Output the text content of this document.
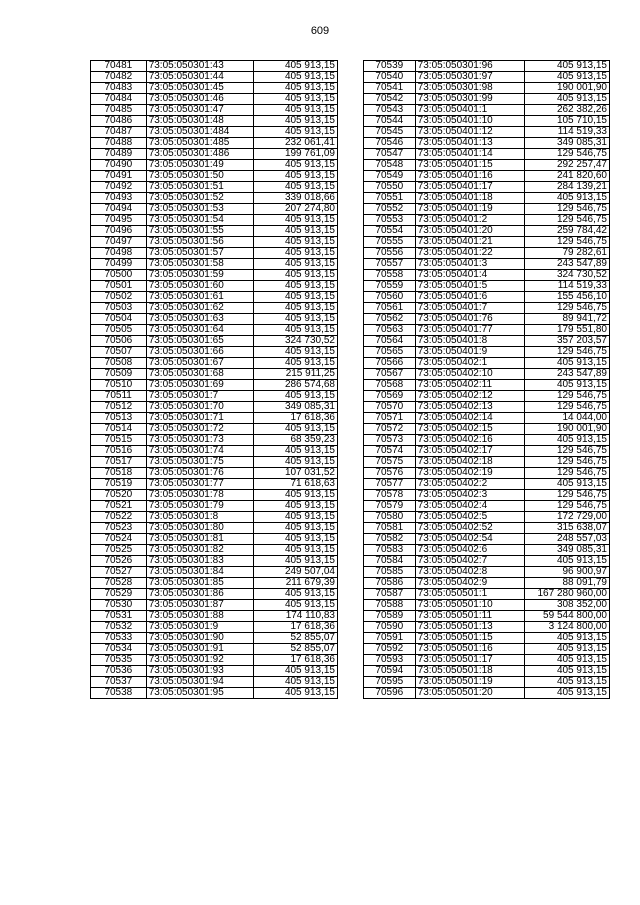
609
70481	73:05:050301:43	405 913,15
70482	73:05:050301:44	405 913,15
70483	73:05:050301:45	405 913,15
70484	73:05:050301:46	405 913,15
70485	73:05:050301:47	405 913,15
70486	73:05:050301:48	405 913,15
70487	73:05:050301:484	405 913,15
70488	73:05:050301:485	232 061,41
70489	73:05:050301:486	199 761,09
70490	73:05:050301:49	405 913,15
70491	73:05:050301:50	405 913,15
70492	73:05:050301:51	405 913,15
70493	73:05:050301:52	339 018,66
70494	73:05:050301:53	207 274,80
70495	73:05:050301:54	405 913,15
70496	73:05:050301:55	405 913,15
70497	73:05:050301:56	405 913,15
70498	73:05:050301:57	405 913,15
70499	73:05:050301:58	405 913,15
70500	73:05:050301:59	405 913,15
70501	73:05:050301:60	405 913,15
70502	73:05:050301:61	405 913,15
70503	73:05:050301:62	405 913,15
70504	73:05:050301:63	405 913,15
70505	73:05:050301:64	405 913,15
70506	73:05:050301:65	324 730,52
70507	73:05:050301:66	405 913,15
70508	73:05:050301:67	405 913,15
70509	73:05:050301:68	215 911,25
70510	73:05:050301:69	286 574,68
70511	73:05:050301:7	405 913,15
70512	73:05:050301:70	349 085,31
70513	73:05:050301:71	17 618,36
70514	73:05:050301:72	405 913,15
70515	73:05:050301:73	68 359,23
70516	73:05:050301:74	405 913,15
70517	73:05:050301:75	405 913,15
70518	73:05:050301:76	107 031,52
70519	73:05:050301:77	71 618,63
70520	73:05:050301:78	405 913,15
70521	73:05:050301:79	405 913,15
70522	73:05:050301:8	405 913,15
70523	73:05:050301:80	405 913,15
70524	73:05:050301:81	405 913,15
70525	73:05:050301:82	405 913,15
70526	73:05:050301:83	405 913,15
70527	73:05:050301:84	249 507,04
70528	73:05:050301:85	211 679,39
70529	73:05:050301:86	405 913,15
70530	73:05:050301:87	405 913,15
70531	73:05:050301:88	174 110,83
70532	73:05:050301:9	17 618,36
70533	73:05:050301:90	52 855,07
70534	73:05:050301:91	52 855,07
70535	73:05:050301:92	17 618,36
70536	73:05:050301:93	405 913,15
70537	73:05:050301:94	405 913,15
70538	73:05:050301:95	405 913,15
70539	73:05:050301:96	405 913,15
70540	73:05:050301:97	405 913,15
70541	73:05:050301:98	190 001,90
70542	73:05:050301:99	405 913,15
70543	73:05:050401:1	262 382,26
70544	73:05:050401:10	105 710,15
70545	73:05:050401:12	114 519,33
70546	73:05:050401:13	349 085,31
70547	73:05:050401:14	129 546,75
70548	73:05:050401:15	292 257,47
70549	73:05:050401:16	241 820,60
70550	73:05:050401:17	284 139,21
70551	73:05:050401:18	405 913,15
70552	73:05:050401:19	129 546,75
70553	73:05:050401:2	129 546,75
70554	73:05:050401:20	259 784,42
70555	73:05:050401:21	129 546,75
70556	73:05:050401:22	79 282,61
70557	73:05:050401:3	243 547,89
70558	73:05:050401:4	324 730,52
70559	73:05:050401:5	114 519,33
70560	73:05:050401:6	155 456,10
70561	73:05:050401:7	129 546,75
70562	73:05:050401:76	89 941,72
70563	73:05:050401:77	179 551,80
70564	73:05:050401:8	357 203,57
70565	73:05:050401:9	129 546,75
70566	73:05:050402:1	405 913,15
70567	73:05:050402:10	243 547,89
70568	73:05:050402:11	405 913,15
70569	73:05:050402:12	129 546,75
70570	73:05:050402:13	129 546,75
70571	73:05:050402:14	14 044,00
70572	73:05:050402:15	190 001,90
70573	73:05:050402:16	405 913,15
70574	73:05:050402:17	129 546,75
70575	73:05:050402:18	129 546,75
70576	73:05:050402:19	129 546,75
70577	73:05:050402:2	405 913,15
70578	73:05:050402:3	129 546,75
70579	73:05:050402:4	129 546,75
70580	73:05:050402:5	172 729,00
70581	73:05:050402:52	315 638,07
70582	73:05:050402:54	248 557,03
70583	73:05:050402:6	349 085,31
70584	73:05:050402:7	405 913,15
70585	73:05:050402:8	96 900,97
70586	73:05:050402:9	88 091,79
70587	73:05:050501:1	167 280 960,00
70588	73:05:050501:10	308 352,00
70589	73:05:050501:11	59 544 800,00
70590	73:05:050501:13	3 124 800,00
70591	73:05:050501:15	405 913,15
70592	73:05:050501:16	405 913,15
70593	73:05:050501:17	405 913,15
70594	73:05:050501:18	405 913,15
70595	73:05:050501:19	405 913,15
70596	73:05:050501:20	405 913,15
